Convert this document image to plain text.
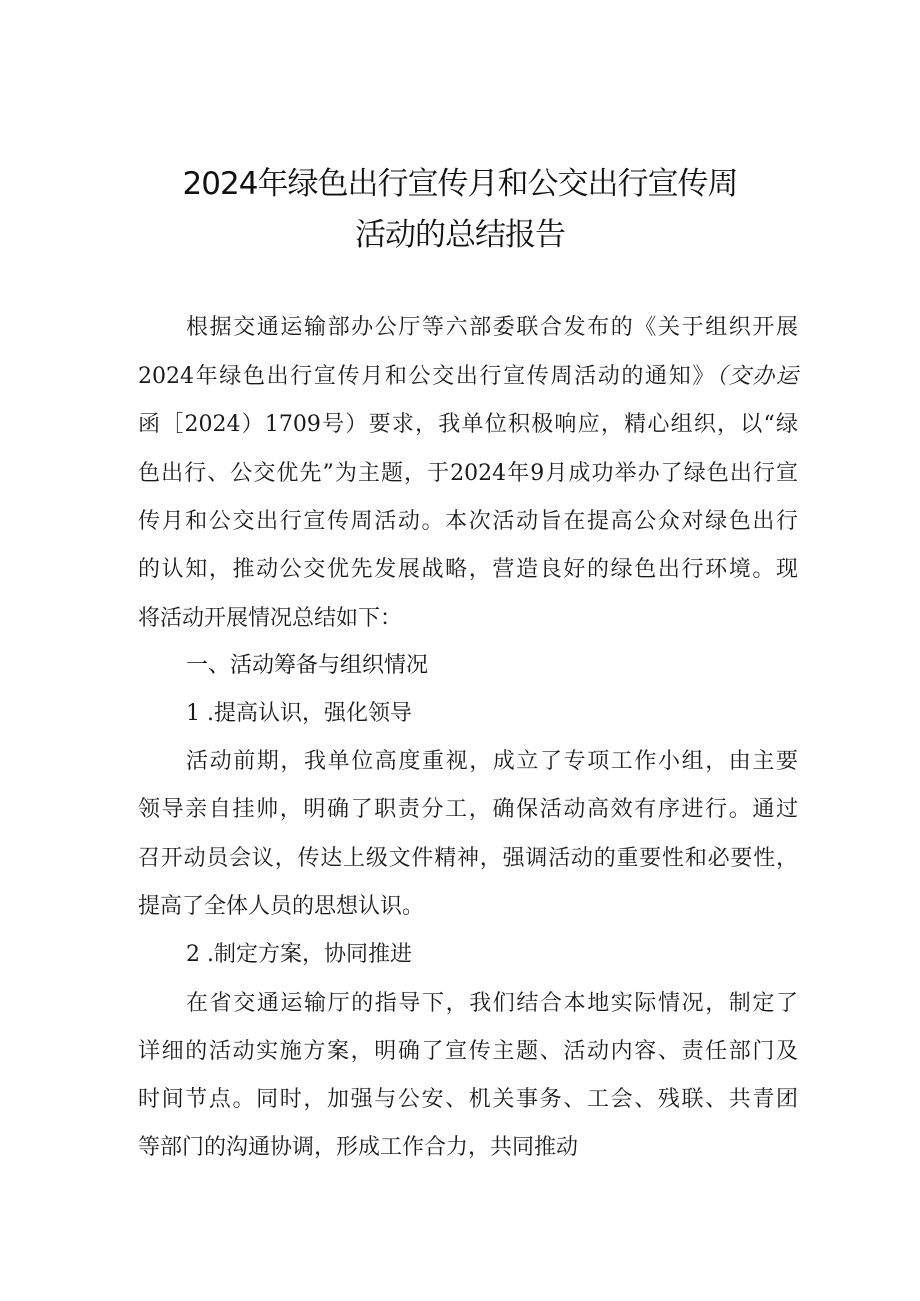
2024年绿色出行宣传月和公交出行宣传周
活动的总结报告
根据交通运输部办公厅等六部委联合发布的《关于组织开展
2024年绿色出行宣传月和公交出行宣传周活动的通知》（交办运
函［2024）1709号）要求，我单位积极响应，精心组织，以“绿
色出行、公交优先”为主题，于2024年9月成功举办了绿色出行宣
传月和公交出行宣传周活动。本次活动旨在提高公众对绿色出行
的认知，推动公交优先发展战略，营造良好的绿色出行环境。现
将活动开展情况总结如下：
一、活动筹备与组织情况
1 .提高认识，强化领导
活动前期，我单位高度重视，成立了专项工作小组，由主要
领导亲自挂帅，明确了职责分工，确保活动高效有序进行。通过
召开动员会议，传达上级文件精神，强调活动的重要性和必要性，
提高了全体人员的思想认识。
2 .制定方案，协同推进
在省交通运输厅的指导下，我们结合本地实际情况，制定了
详细的活动实施方案，明确了宣传主题、活动内容、责任部门及
时间节点。同时，加强与公安、机关事务、工会、残联、共青团
等部门的沟通协调，形成工作合力，共同推动
